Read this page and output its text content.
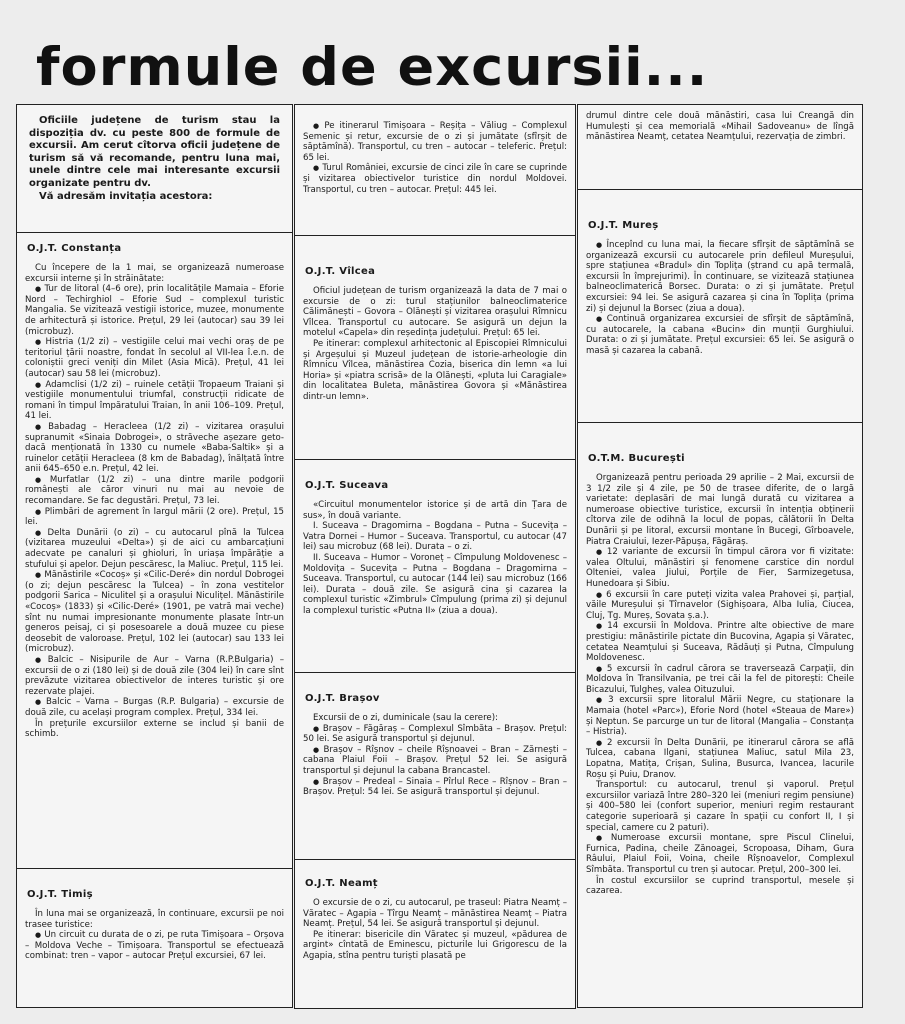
formule de excursii...

Oficiile județene de turism stau la dispoziția dv. cu peste 800 de formule de excursii. Am cerut cîtorva oficii județene de turism să vă recomande, pentru luna mai, unele dintre cele mai interesante excursii organizate pentru dv.

Vă adresăm invitația acestora:

O.J.T. Constanța

Cu începere de la 1 mai, se organizează numeroase excursii interne și în străinătate:

● Tur de litoral (4–6 ore), prin localitățile Mamaia – Eforie Nord – Techirghiol – Eforie Sud – complexul turistic Mangalia. Se vizitează vestigii istorice, muzee, monumente de arhitectură și istorice. Prețul, 29 lei (autocar) sau 39 lei (microbuz).

● Histria (1/2 zi) – vestigiile celui mai vechi oraș de pe teritoriul țării noastre, fondat în secolul al VII-lea î.e.n. de coloniștii greci veniți din Milet (Asia Mică). Prețul, 41 lei (autocar) sau 58 lei (microbuz).

● Adamclisi (1/2 zi) – ruinele cetății Tropaeum Traiani și vestigiile monumentului triumfal, construcții ridicate de romani în timpul împăratului Traian, în anii 106–109. Prețul, 41 lei.

● Babadag – Heracleea (1/2 zi) – vizitarea orașului supranumit «Sinaia Dobrogei», o străveche așezare geto-dacă menționată în 1330 cu numele «Baba-Saltik» și a ruinelor cetății Heracleea (8 km de Babadag), înălțată între anii 645–650 e.n. Prețul, 42 lei.

● Murfatlar (1/2 zi) – una dintre marile podgorii românești ale căror vinuri nu mai au nevoie de recomandare. Se fac degustări. Prețul, 73 lei.

● Plimbări de agrement în largul mării (2 ore). Prețul, 15 lei.

● Delta Dunării (o zi) – cu autocarul pînă la Tulcea (vizitarea muzeului «Delta») și de aici cu ambarcațiuni adecvate pe canaluri și ghioluri, în uriașa împărăție a stufului și apelor. Dejun pescăresc, la Maliuc. Prețul, 115 lei.

● Mănăstirile «Cocoș» și «Cilic-Deré» din nordul Dobrogei (o zi; dejun pescăresc la Tulcea) – în zona vestitelor podgorii Sarica – Niculitel și a orașului Niculițel. Mănăstirile «Cocoș» (1833) și «Cilic-Deré» (1901, pe vatră mai veche) sînt nu numai impresionante monumente plasate într-un generos peisaj, ci și posesoarele a două muzee cu piese deosebit de valoroase. Prețul, 102 lei (autocar) sau 133 lei (microbuz).

● Balcic – Nisipurile de Aur – Varna (R.P.Bulgaria) – excursii de o zi (180 lei) și de două zile (304 lei) în care sînt prevăzute vizitarea obiectivelor de interes turistic și ore rezervate plajei.

● Balcic – Varna – Burgas (R.P. Bulgaria) – excursie de două zile, cu același program complex. Prețul, 334 lei.

În prețurile excursiilor externe se includ și banii de schimb.

O.J.T. Timiș

În luna mai se organizează, în continuare, excursii pe noi trasee turistice:

● Un circuit cu durata de o zi, pe ruta Timișoara – Orșova – Moldova Veche – Timișoara. Transportul se efectuează combinat: tren – vapor – autocar Prețul excursiei, 67 lei.

● Pe itinerarul Timișoara – Reșița – Văliug – Complexul Semenic și retur, excursie de o zi și jumătate (sfîrșit de săptămînă). Transportul, cu tren – autocar – teleferic. Prețul: 65 lei.

● Turul României, excursie de cinci zile în care se cuprinde și vizitarea obiectivelor turistice din nordul Moldovei. Transportul, cu tren – autocar. Prețul: 445 lei.

O.J.T. Vîlcea

Oficiul județean de turism organizează la data de 7 mai o excursie de o zi: turul stațiunilor balneoclimaterice Călimănești – Govora – Olănești și vizitarea orașului Rîmnicu Vîlcea. Transportul cu autocare. Se asigură un dejun la motelul «Capela» din reședința județului. Prețul: 65 lei.

Pe itinerar: complexul arhitectonic al Episcopiei Rîmnicului și Argeșului și Muzeul județean de istorie-arheologie din Rîmnicu Vîlcea, mănăstirea Cozia, biserica din lemn «a lui Horia» și «piatra scrisă» de la Olănești, «pluta lui Caragiale» din localitatea Buleta, mănăstirea Govora și «Mănăstirea dintr-un lemn».

O.J.T. Suceava

«Circuitul monumentelor istorice și de artă din Țara de sus», în două variante.

I. Suceava – Dragomirna – Bogdana – Putna – Sucevița – Vatra Dornei – Humor – Suceava. Transportul, cu autocar (47 lei) sau microbuz (68 lei). Durata – o zi.

II. Suceava – Humor – Voroneț – Cîmpulung Moldovenesc – Moldovița – Sucevița – Putna – Bogdana – Dragomirna – Suceava. Transportul, cu autocar (144 lei) sau microbuz (166 lei). Durata – două zile. Se asigură cina și cazarea la complexul turistic «Zimbrul» Cîmpulung (prima zi) și dejunul la complexul turistic «Putna II» (ziua a doua).

O.J.T. Brașov

Excursii de o zi, duminicale (sau la cerere):

● Brașov – Făgăraș – Complexul Sîmbăta – Brașov. Prețul: 50 lei. Se asigură transportul și dejunul.

● Brașov – Rîșnov – cheile Rîșnoavei – Bran – Zărnești – cabana Plaiul Foii – Brașov. Prețul 52 lei. Se asigură transportul și dejunul la cabana Brancastel.

● Brașov – Predeal – Sinaia – Pîrlul Rece – Rîșnov – Bran – Brașov. Prețul: 54 lei. Se asigură transportul și dejunul.

O.J.T. Neamț

O excursie de o zi, cu autocarul, pe traseul: Piatra Neamț – Văratec – Agapia – Tîrgu Neamț – mănăstirea Neamț – Piatra Neamț. Prețul, 54 lei. Se asigură transportul și dejunul.

Pe itinerar: bisericile din Văratec și muzeul, «pădurea de argint» cîntată de Eminescu, picturile lui Grigorescu de la Agapia, stîna pentru turiști plasată pe

drumul dintre cele două mănăstiri, casa lui Creangă din Humulești și cea memorială «Mihail Sadoveanu» de lîngă mănăstirea Neamț, cetatea Neamțului, rezervația de zimbri.

O.J.T. Mureș

● Începînd cu luna mai, la fiecare sfîrșit de săptămînă se organizează excursii cu autocarele prin defileul Mureșului, spre stațiunea «Bradul» din Toplița (ștrand cu apă termală, excursii în împrejurimi). În continuare, se vizitează stațiunea balneoclimaterică Borsec. Durata: o zi și jumătate. Prețul excursiei: 94 lei. Se asigură cazarea și cina în Toplița (prima zi) și dejunul la Borsec (ziua a doua).

● Continuă organizarea excursiei de sfîrșit de săptămînă, cu autocarele, la cabana «Bucin» din munții Gurghiului. Durata: o zi și jumătate. Prețul excursiei: 65 lei. Se asigură o masă și cazarea la cabană.

O.T.M. București

Organizează pentru perioada 29 aprilie – 2 Mai, excursii de 3 1/2 zile și 4 zile, pe 50 de trasee diferite, de o largă varietate: deplasări de mai lungă durată cu vizitarea a numeroase obiective turistice, excursii în intenția obținerii cîtorva zile de odihnă la locul de popas, călătorii în Delta Dunării și pe litoral, excursii montane în Bucegi, Gîrboavele, Piatra Craiului, Iezer-Păpușa, Făgăraș.

● 12 variante de excursii în timpul cărora vor fi vizitate: valea Oltului, mănăstiri și fenomene carstice din nordul Olteniei, valea Jiului, Porțile de Fier, Sarmizegetusa, Hunedoara și Sibiu.

● 6 excursii în care puteți vizita valea Prahovei și, parțial, văile Mureșului și Tîrnavelor (Sighișoara, Alba Iulia, Ciucea, Cluj, Tg. Mureș, Sovata ș.a.).

● 14 excursii în Moldova. Printre alte obiective de mare prestigiu: mănăstirile pictate din Bucovina, Agapia și Văratec, cetatea Neamțului și Suceava, Rădăuți și Putna, Cîmpulung Moldovenesc.

● 5 excursii în cadrul cărora se traversează Carpații, din Moldova în Transilvania, pe trei căi la fel de pitorești: Cheile Bicazului, Tulgheș, valea Oituzului.

● 3 excursii spre litoralul Mării Negre, cu staționare la Mamaia (hotel «Parc»), Eforie Nord (hotel «Steaua de Mare») și Neptun. Se parcurge un tur de litoral (Mangalia – Constanța – Histria).

● 2 excursii în Delta Dunării, pe itinerarul cărora se află Tulcea, cabana Ilgani, stațiunea Maliuc, satul Mila 23, Lopatna, Matița, Crișan, Sulina, Busurca, Ivancea, lacurile Roșu și Puiu, Dranov.

Transportul: cu autocarul, trenul și vaporul. Prețul excursiilor variază între 280–320 lei (meniuri regim pensiune) și 400–580 lei (confort superior, meniuri regim restaurant categorie superioară și cazare în spații cu confort II, I și special, camere cu 2 paturi).

● Numeroase excursii montane, spre Piscul Clinelui, Furnica, Padina, cheile Zănoagei, Scropoasa, Diham, Gura Râului, Plaiul Foii, Voina, cheile Rîșnoavelor, Complexul Sîmbăta. Transportul cu tren și autocar. Prețul, 200–300 lei.

În costul excursiilor se cuprind transportul, mesele și cazarea.
